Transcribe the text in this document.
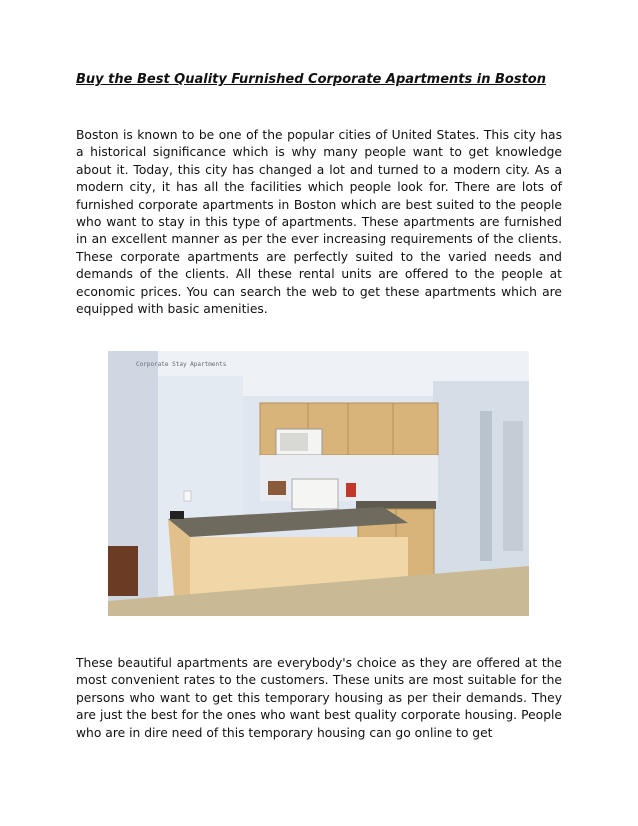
Buy the Best Quality Furnished Corporate Apartments in Boston

Boston is known to be one of the popular cities of United States. This city has a historical significance which is why many people want to get knowledge about it. Today, this city has changed a lot and turned to a modern city. As a modern city, it has all the facilities which people look for. There are lots of furnished corporate apartments in Boston which are best suited to the people who want to stay in this type of apartments. These apartments are furnished in an excellent manner as per the ever increasing requirements of the clients. These corporate apartments are perfectly suited to the varied needs and demands of the clients. All these rental units are offered to the people at economic prices. You can search the web to get these apartments which are equipped with basic amenities.

Corporate Stay Apartments

These beautiful apartments are everybody's choice as they are offered at the most convenient rates to the customers. These units are most suitable for the persons who want to get this temporary housing as per their demands. They are just the best for the ones who want best quality corporate housing. People who are in dire need of this temporary housing can go online to get
